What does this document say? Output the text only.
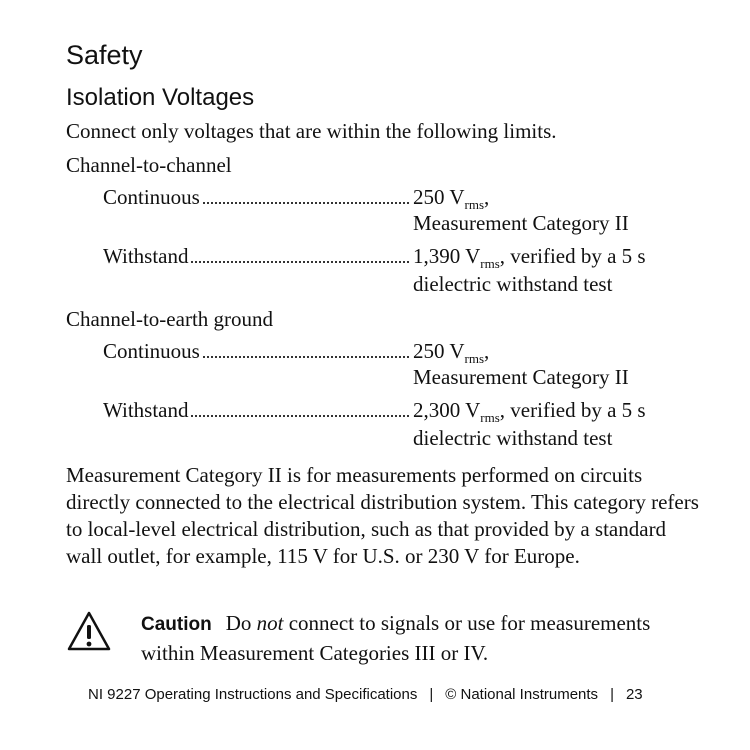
Safety
Isolation Voltages
Connect only voltages that are within the following limits.
Channel-to-channel
Continuous	250 $V_{rms}$,
Measurement Category II
Withstand	1,390 $V_{rms}$, verified by a 5 s
dielectric withstand test
Channel-to-earth ground
Continuous	250 $V_{rms}$,
Measurement Category II
Withstand	2,300 $V_{rms}$, verified by a 5 s
dielectric withstand test
Measurement Category II is for measurements performed on circuits directly connected to the electrical distribution system. This category refers to local-level electrical distribution, such as that provided by a standard wall outlet, for example, 115 V for U.S. or 230 V for Europe.
Caution Do not connect to signals or use for measurements within Measurement Categories III or IV.
NI 9227 Operating Instructions and Specifications | © National Instruments | 23
